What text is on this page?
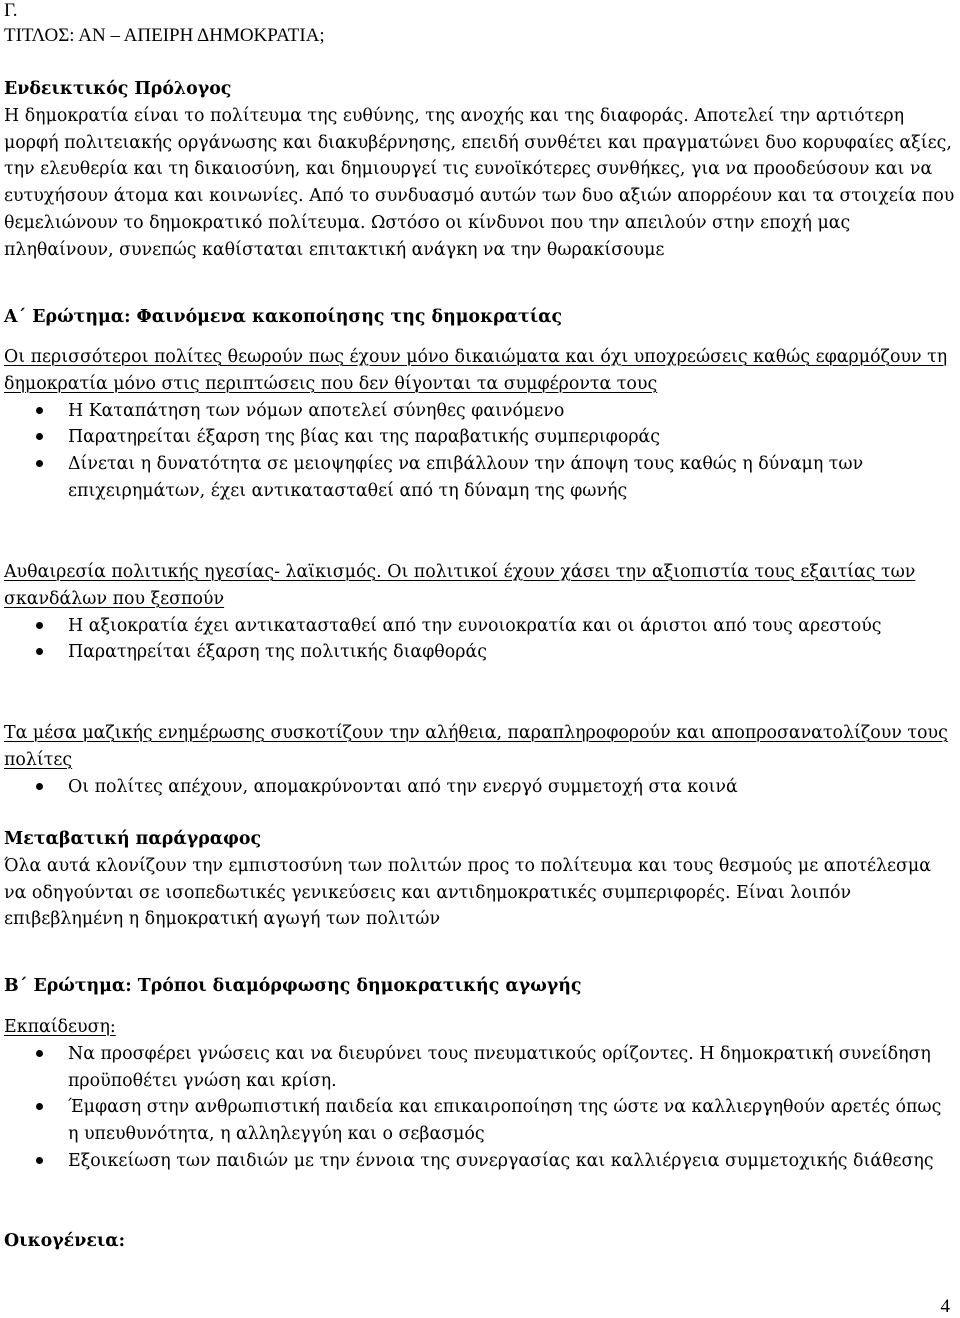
Γ.

ΤΙΤΛΟΣ: ΑΝ – ΑΠΕΙΡΗ ΔΗΜΟΚΡΑΤΙΑ;

Ενδεικτικός Πρόλογος

Η δημοκρατία είναι το πολίτευμα της ευθύνης, της ανοχής και της διαφοράς. Αποτελεί την αρτιότερη μορφή πολιτειακής οργάνωσης και διακυβέρνησης, επειδή συνθέτει και πραγματώνει δυο κορυφαίες αξίες, την ελευθερία και τη δικαιοσύνη, και δημιουργεί τις ευνοϊκότερες συνθήκες, για να προοδεύσουν και να ευτυχήσουν άτομα και κοινωνίες. Από το συνδυασμό αυτών των δυο αξιών απορρέουν και τα στοιχεία που θεμελιώνουν το δημοκρατικό πολίτευμα. Ωστόσο οι κίνδυνοι που την απειλούν στην εποχή μας πληθαίνουν, συνεπώς καθίσταται επιτακτική ανάγκη να την θωρακίσουμε

Α΄ Ερώτημα: Φαινόμενα κακοποίησης της δημοκρατίας

Οι περισσότεροι πολίτες θεωρούν πως έχουν μόνο δικαιώματα και όχι υποχρεώσεις καθώς εφαρμόζουν τη δημοκρατία μόνο στις περιπτώσεις που δεν θίγονται τα συμφέροντα τους

Η Καταπάτηση των νόμων αποτελεί σύνηθες φαινόμενο
Παρατηρείται έξαρση της βίας και της παραβατικής συμπεριφοράς
Δίνεται η δυνατότητα σε μειοψηφίες να επιβάλλουν την άποψη τους καθώς η δύναμη των επιχειρημάτων, έχει αντικατασταθεί από τη δύναμη της φωνής

Αυθαιρεσία πολιτικής ηγεσίας- λαϊκισμός. Οι πολιτικοί έχουν χάσει την αξιοπιστία τους εξαιτίας των σκανδάλων που ξεσπούν

Η αξιοκρατία έχει αντικατασταθεί από την ευνοιοκρατία και οι άριστοι από τους αρεστούς
Παρατηρείται έξαρση της πολιτικής διαφθοράς

Τα μέσα μαζικής ενημέρωσης συσκοτίζουν την αλήθεια, παραπληροφορούν και αποπροσανατολίζουν τους πολίτες

Οι πολίτες απέχουν, απομακρύνονται από την ενεργό συμμετοχή στα κοινά

Μεταβατική παράγραφος

Όλα αυτά κλονίζουν την εμπιστοσύνη των πολιτών προς το πολίτευμα και τους θεσμούς με αποτέλεσμα να οδηγούνται σε ισοπεδωτικές γενικεύσεις και αντιδημοκρατικές συμπεριφορές. Είναι λοιπόν επιβεβλημένη η δημοκρατική αγωγή των πολιτών

Β΄ Ερώτημα: Τρόποι διαμόρφωσης δημοκρατικής αγωγής

Εκπαίδευση:

Να προσφέρει γνώσεις και να διευρύνει τους πνευματικούς ορίζοντες. Η δημοκρατική συνείδηση προϋποθέτει γνώση και κρίση.
Έμφαση στην ανθρωπιστική παιδεία και επικαιροποίηση της ώστε να καλλιεργηθούν αρετές όπως η υπευθυνότητα, η αλληλεγγύη και ο σεβασμός
Εξοικείωση των παιδιών με την έννοια της συνεργασίας και καλλιέργεια συμμετοχικής διάθεσης

Οικογένεια:

4
